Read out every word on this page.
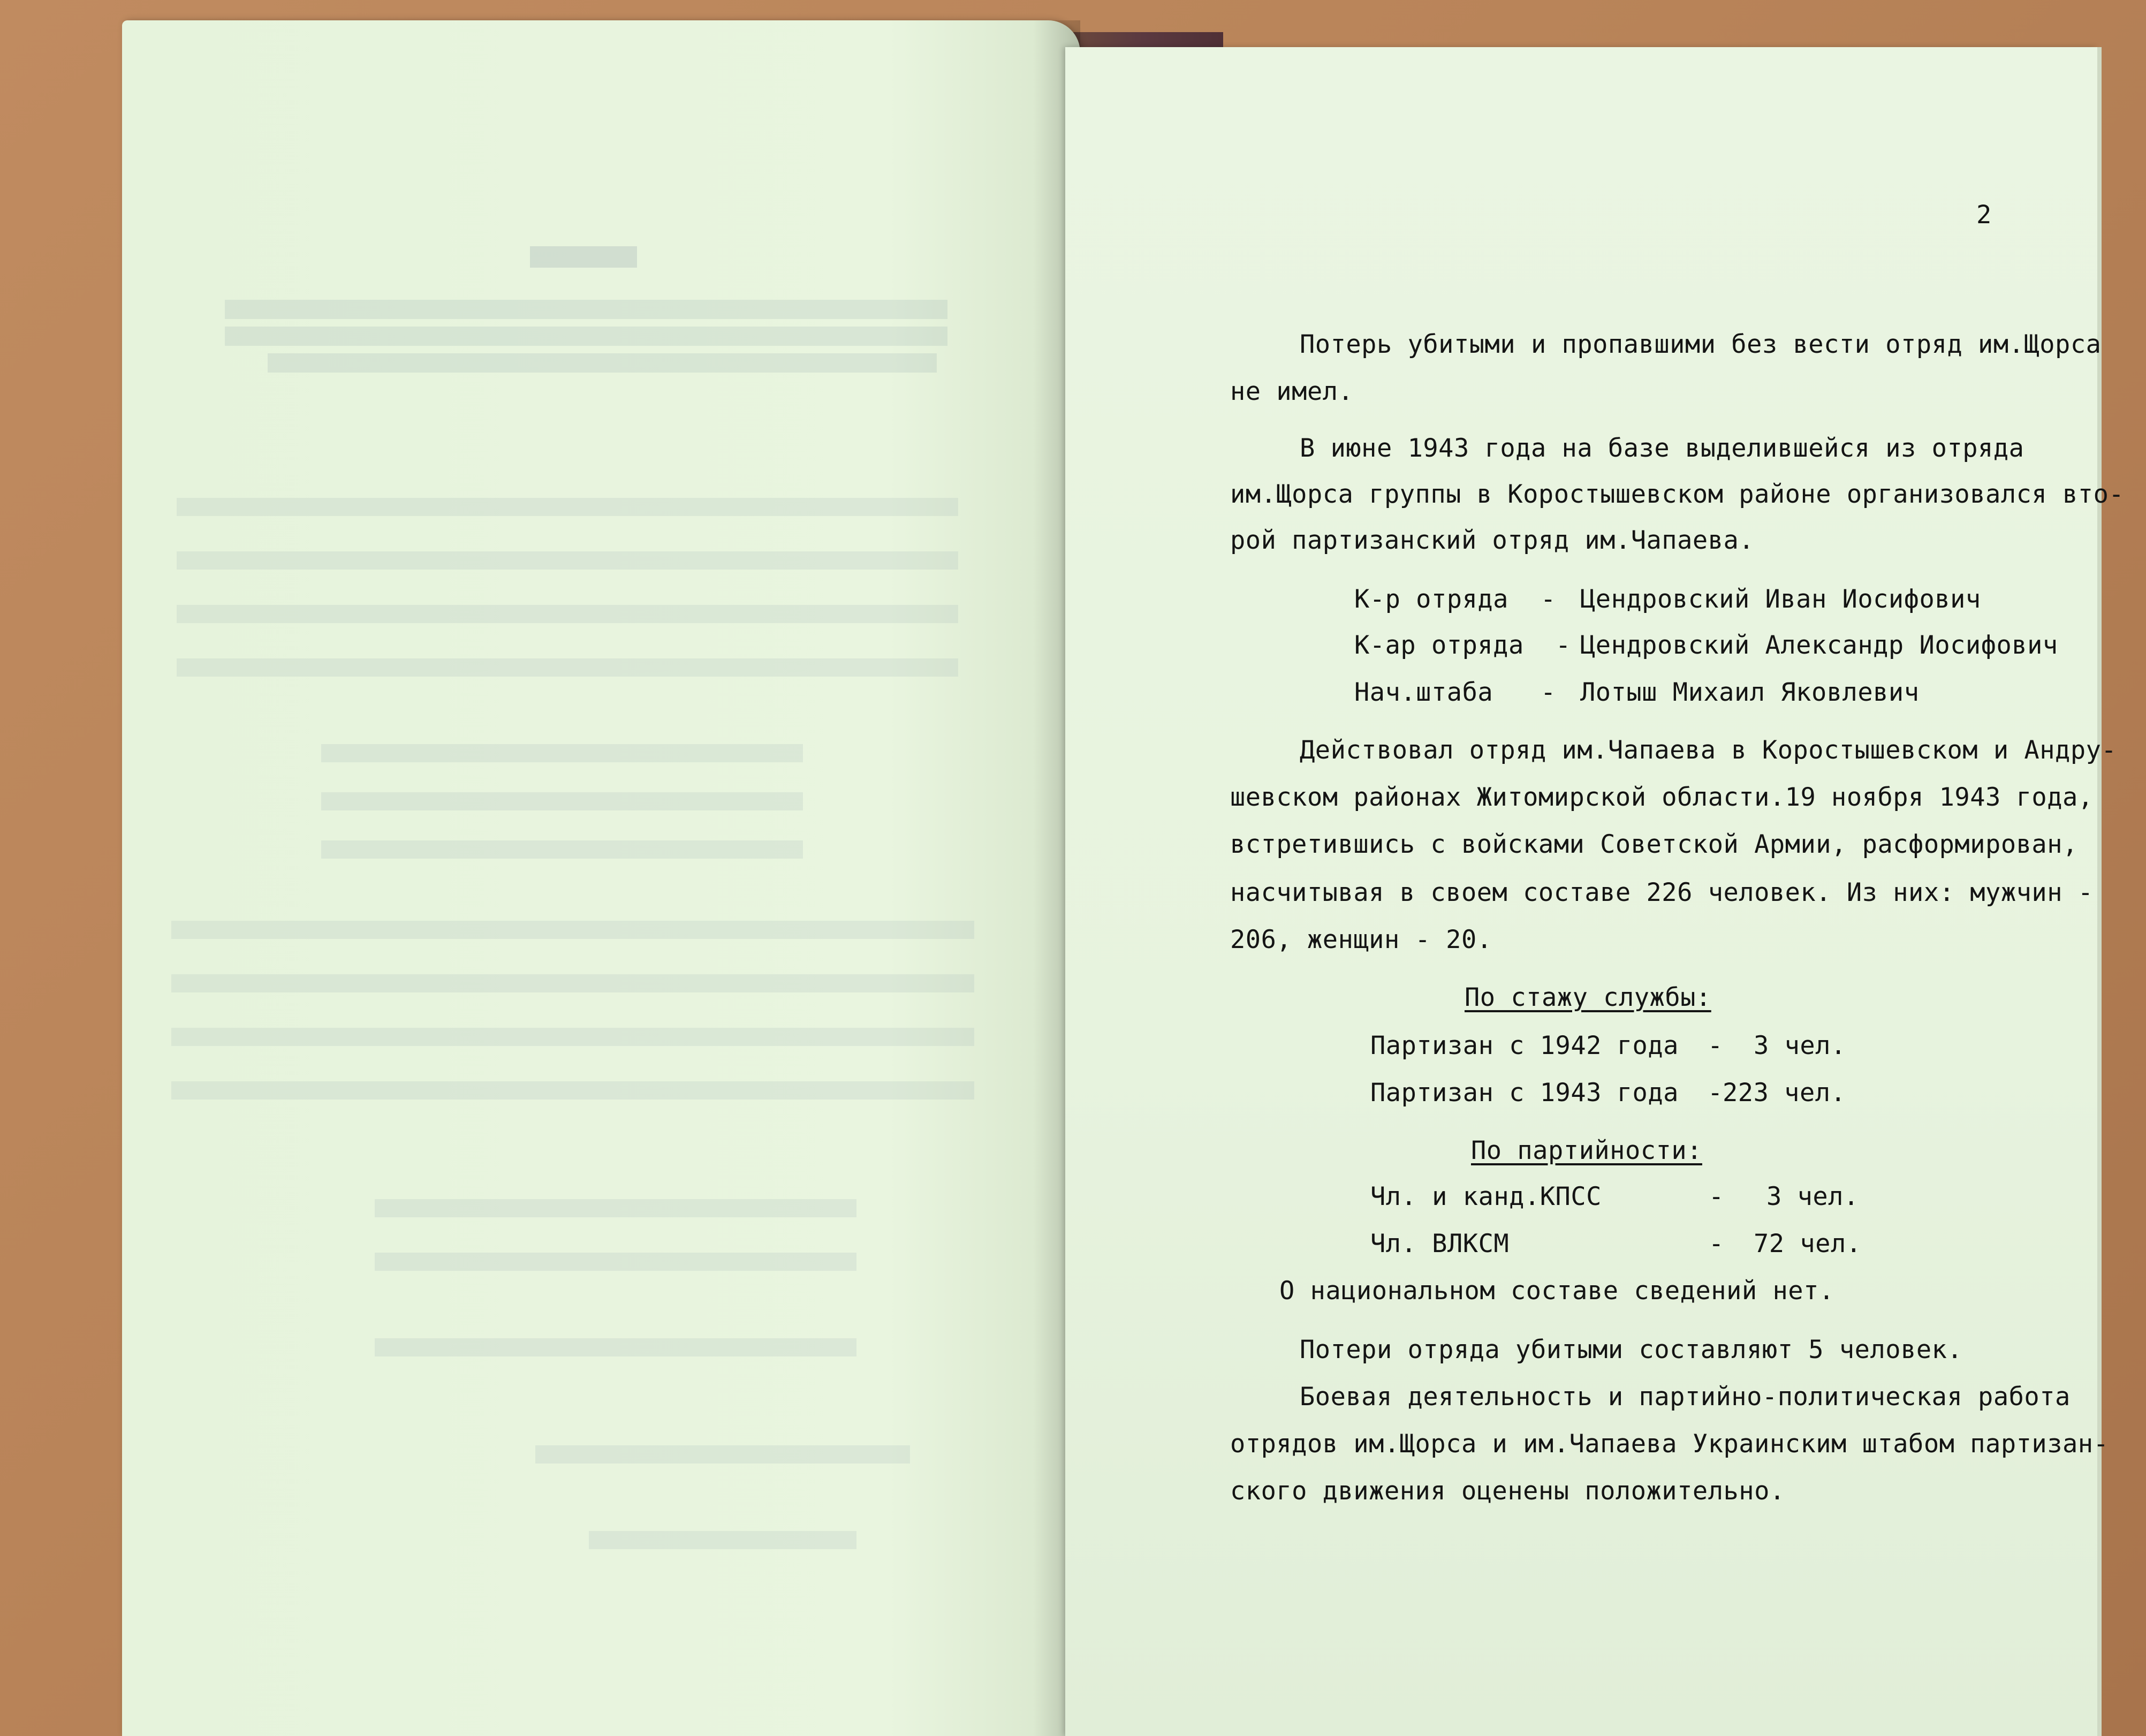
2
Потерь убитыми и пропавшими без вести отряд им.Щорса
не имел.
В июне 1943 года на базе выделившейся из отряда
им.Щорса группы в Коростышевском районе организовался вто-
рой партизанский отряд им.Чапаева.
К-р отряда - Цендровский Иван Иосифович
К-ар отряда - Цендровский Александр Иосифович
Нач.штаба - Лотыш Михаил Яковлевич
Действовал отряд им.Чапаева в Коростышевском и Андру-
шевском районах Житомирской области.19 ноября 1943 года,
встретившись с войсками Советской Армии, расформирован,
насчитывая в своем составе 226 человек. Из них: мужчин -
206, женщин - 20.
По стажу службы:
Партизан с 1942 года - 3 чел.
Партизан с 1943 года - 223 чел.
По партийности:
Чл. и канд.КПСС	- 3 чел.
Чл. ВЛКСМ	- 72 чел.
О национальном составе сведений нет.
Потери отряда убитыми составляют 5 человек.
Боевая деятельность и партийно-политическая работа
отрядов им.Щорса и им.Чапаева Украинским штабом партизан-
ского движения оценены положительно.
